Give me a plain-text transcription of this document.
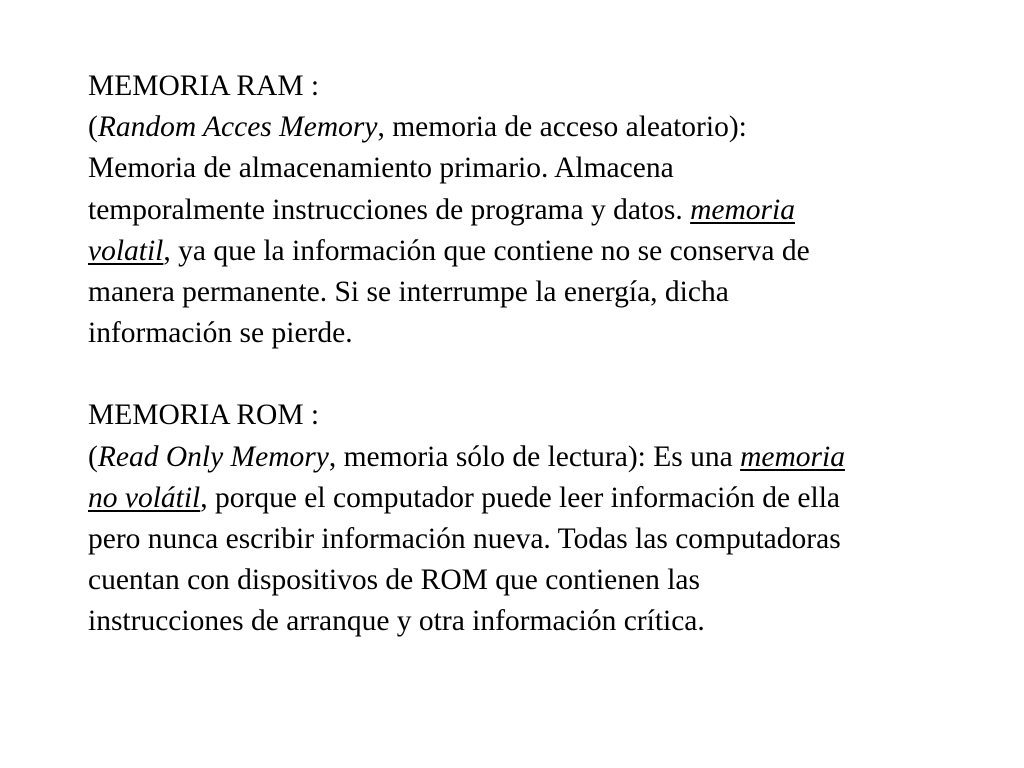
MEMORIA RAM :
(Random Acces Memory, memoria de acceso aleatorio):
Memoria de almacenamiento primario. Almacena
temporalmente instrucciones de programa y datos. memoria
volatil, ya que la información que contiene no se conserva de
manera permanente. Si se interrumpe la energía, dicha
información se pierde.
MEMORIA ROM :
(Read Only Memory, memoria sólo de lectura): Es una memoria
no volátil, porque el computador puede leer información de ella
pero nunca escribir información nueva. Todas las computadoras
cuentan con dispositivos de ROM que contienen las
instrucciones de arranque y otra información crítica.
